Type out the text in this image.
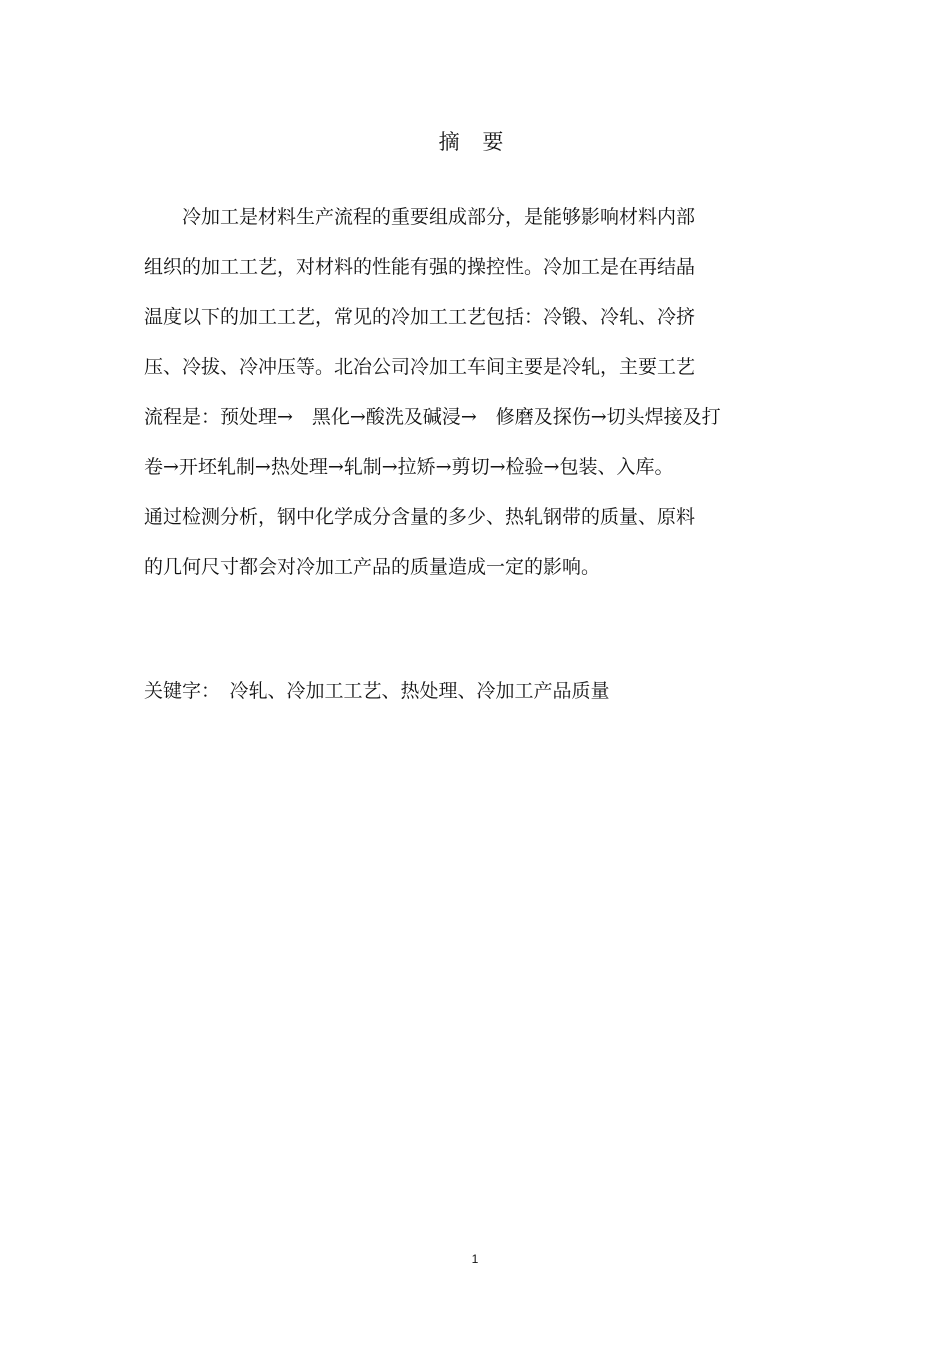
摘 要
　　冷加工是材料生产流程的重要组成部分，是能够影响材料内部
组织的加工工艺，对材料的性能有强的操控性。冷加工是在再结晶
温度以下的加工工艺，常见的冷加工工艺包括：冷锻、冷轧、冷挤
压、冷拔、冷冲压等。北冶公司冷加工车间主要是冷轧，主要工艺
流程是：预处理→　黑化→酸洗及碱浸→　修磨及探伤→切头焊接及打
卷→开坯轧制→热处理→轧制→拉矫→剪切→检验→包装、入库。
通过检测分析，钢中化学成分含量的多少、热轧钢带的质量、原料
的几何尺寸都会对冷加工产品的质量造成一定的影响。
关键字：　冷轧、冷加工工艺、热处理、冷加工产品质量
1
